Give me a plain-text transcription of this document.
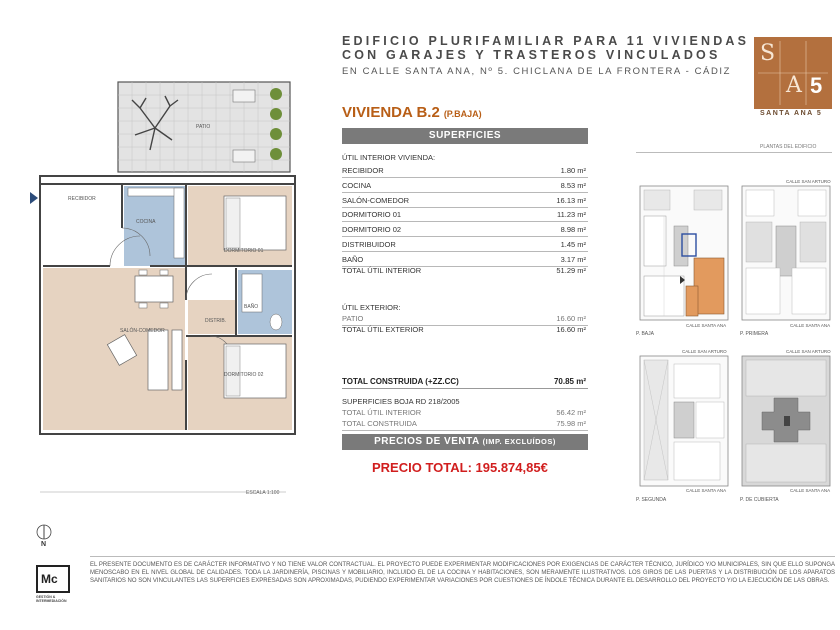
PATIO
RECIBIDOR
COCINA
DORMITORIO 01
SALÓN-COMEDOR
DISTRIB.
BAÑO
DORMITORIO 02
ESCALA 1:100
N
EDIFICIO PLURIFAMILIAR PARA 11 VIVIENDAS
CON GARAJES Y TRASTEROS VINCULADOS
EN CALLE SANTA ANA, Nº 5. CHICLANA DE LA FRONTERA - CÁDIZ
S
A 5
SANTA ANA 5
VIVIENDA B.2 (P.BAJA)
SUPERFICIES
ÚTIL INTERIOR VIVIENDA:
RECIBIDOR	1.80 m²
COCINA	8.53 m²
SALÓN-COMEDOR	16.13 m²
DORMITORIO 01	11.23 m²
DORMITORIO 02	8.98 m²
DISTRIBUIDOR	1.45 m²
BAÑO	3.17 m²
TOTAL ÚTIL INTERIOR	51.29 m²
ÚTIL EXTERIOR:
PATIO	16.60 m²
TOTAL ÚTIL EXTERIOR	16.60 m²
TOTAL CONSTRUIDA (+ZZ.CC)	70.85 m²
SUPERFICIES BOJA RD 218/2005
TOTAL ÚTIL INTERIOR	56.42 m²
TOTAL CONSTRUIDA	75.98 m²
PRECIOS DE VENTA (IMP. EXCLUÍDOS)
PRECIO TOTAL: 195.874,85€
PLANTAS DEL EDIFICIO
CALLE SAN ARTURO
CALLE SANTA ANA	CALLE SANTA ANA
CALLE SAN ARTURO	CALLE SAN ARTURO
CALLE SANTA ANA	CALLE SANTA ANA
P. BAJA	P. PRIMERA
P. SEGUNDA	P. DE CUBIERTA
Mc
GESTIÓN & INTERMEDIACIÓN
EL PRESENTE DOCUMENTO ES DE CARÁCTER INFORMATIVO Y NO TIENE VALOR CONTRACTUAL. EL PROYECTO PUEDE EXPERIMENTAR MODIFICACIONES POR EXIGENCIAS DE CARÁCTER TÉCNICO, JURÍDICO Y/O MUNICIPALES, SIN QUE ELLO SUPONGA MENOSCABO EN EL NIVEL GLOBAL DE CALIDADES. TODA LA JARDINERÍA, PISCINAS Y MOBILIARIO, INCLUIDO EL DE LA COCINA Y HABITACIONES, SON MERAMENTE ILUSTRATIVOS. LOS GIROS DE LAS PUERTAS Y LA DISTRIBUCIÓN DE LOS APARATOS SANITARIOS NO SON VINCULANTES LAS SUPERFICIES EXPRESADAS SON APROXIMADAS, PUDIENDO EXPERIMENTAR VARIACIONES POR CUESTIONES DE ÍNDOLE TÉCNICA DURANTE EL DESARROLLO DEL PROYECTO Y/O LA EJECUCIÓN DE LAS OBRAS.
